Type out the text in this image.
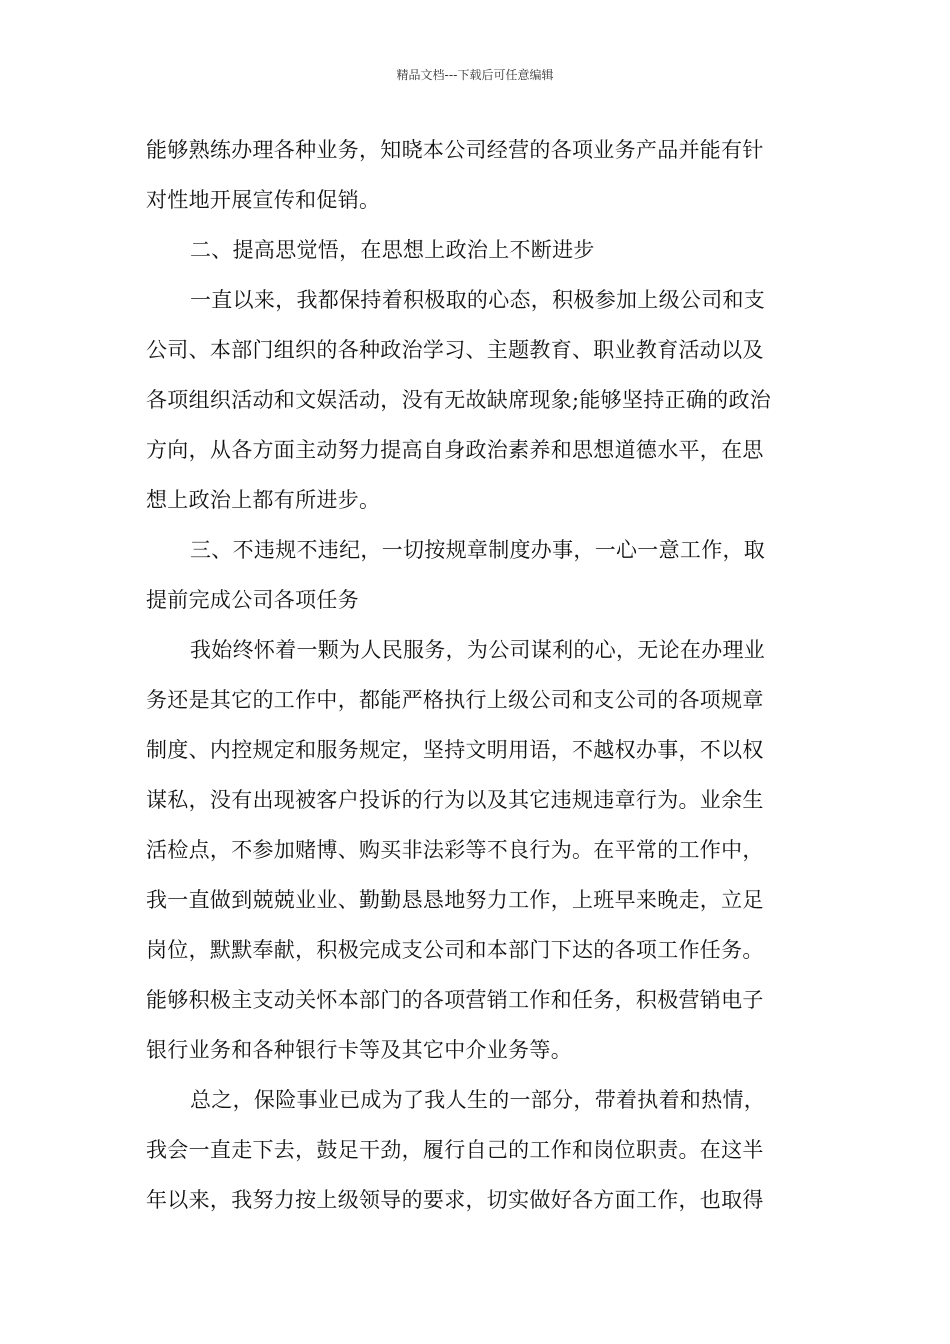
精品文档---下载后可任意编辑
能够熟练办理各种业务，知晓本公司经营的各项业务产品并能有针
对性地开展宣传和促销。
二、提高思觉悟，在思想上政治上不断进步
一直以来，我都保持着积极取的心态，积极参加上级公司和支
公司、本部门组织的各种政治学习、主题教育、职业教育活动以及
各项组织活动和文娱活动，没有无故缺席现象;能够坚持正确的政治
方向，从各方面主动努力提高自身政治素养和思想道德水平，在思
想上政治上都有所进步。
三、不违规不违纪，一切按规章制度办事，一心一意工作，取
提前完成公司各项任务
我始终怀着一颗为人民服务，为公司谋利的心，无论在办理业
务还是其它的工作中，都能严格执行上级公司和支公司的各项规章
制度、内控规定和服务规定，坚持文明用语，不越权办事，不以权
谋私，没有出现被客户投诉的行为以及其它违规违章行为。业余生
活检点，不参加赌博、购买非法彩等不良行为。在平常的工作中，
我一直做到兢兢业业、勤勤恳恳地努力工作，上班早来晚走，立足
岗位，默默奉献，积极完成支公司和本部门下达的各项工作任务。
能够积极主支动关怀本部门的各项营销工作和任务，积极营销电子
银行业务和各种银行卡等及其它中介业务等。
总之，保险事业已成为了我人生的一部分，带着执着和热情，
我会一直走下去，鼓足干劲，履行自己的工作和岗位职责。在这半
年以来，我努力按上级领导的要求，切实做好各方面工作，也取得
